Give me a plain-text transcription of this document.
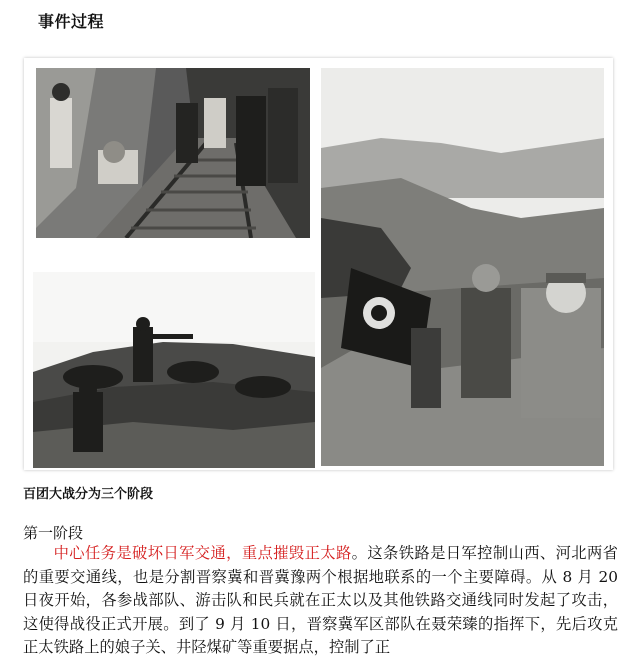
事件过程
百团大战分为三个阶段
第一阶段

中心任务是破坏日军交通，重点摧毁正太路。这条铁路是日军控制山西、河北两省的重要交通线，也是分割晋察冀和晋冀豫两个根据地联系的一个主要障碍。从 8 月 20 日夜开始，各参战部队、游击队和民兵就在正太以及其他铁路交通线同时发起了攻击，这使得战役正式开展。到了 9 月 10 日，晋察冀军区部队在聂荣臻的指挥下，先后攻克正太铁路上的娘子关、井陉煤矿等重要据点，控制了正
